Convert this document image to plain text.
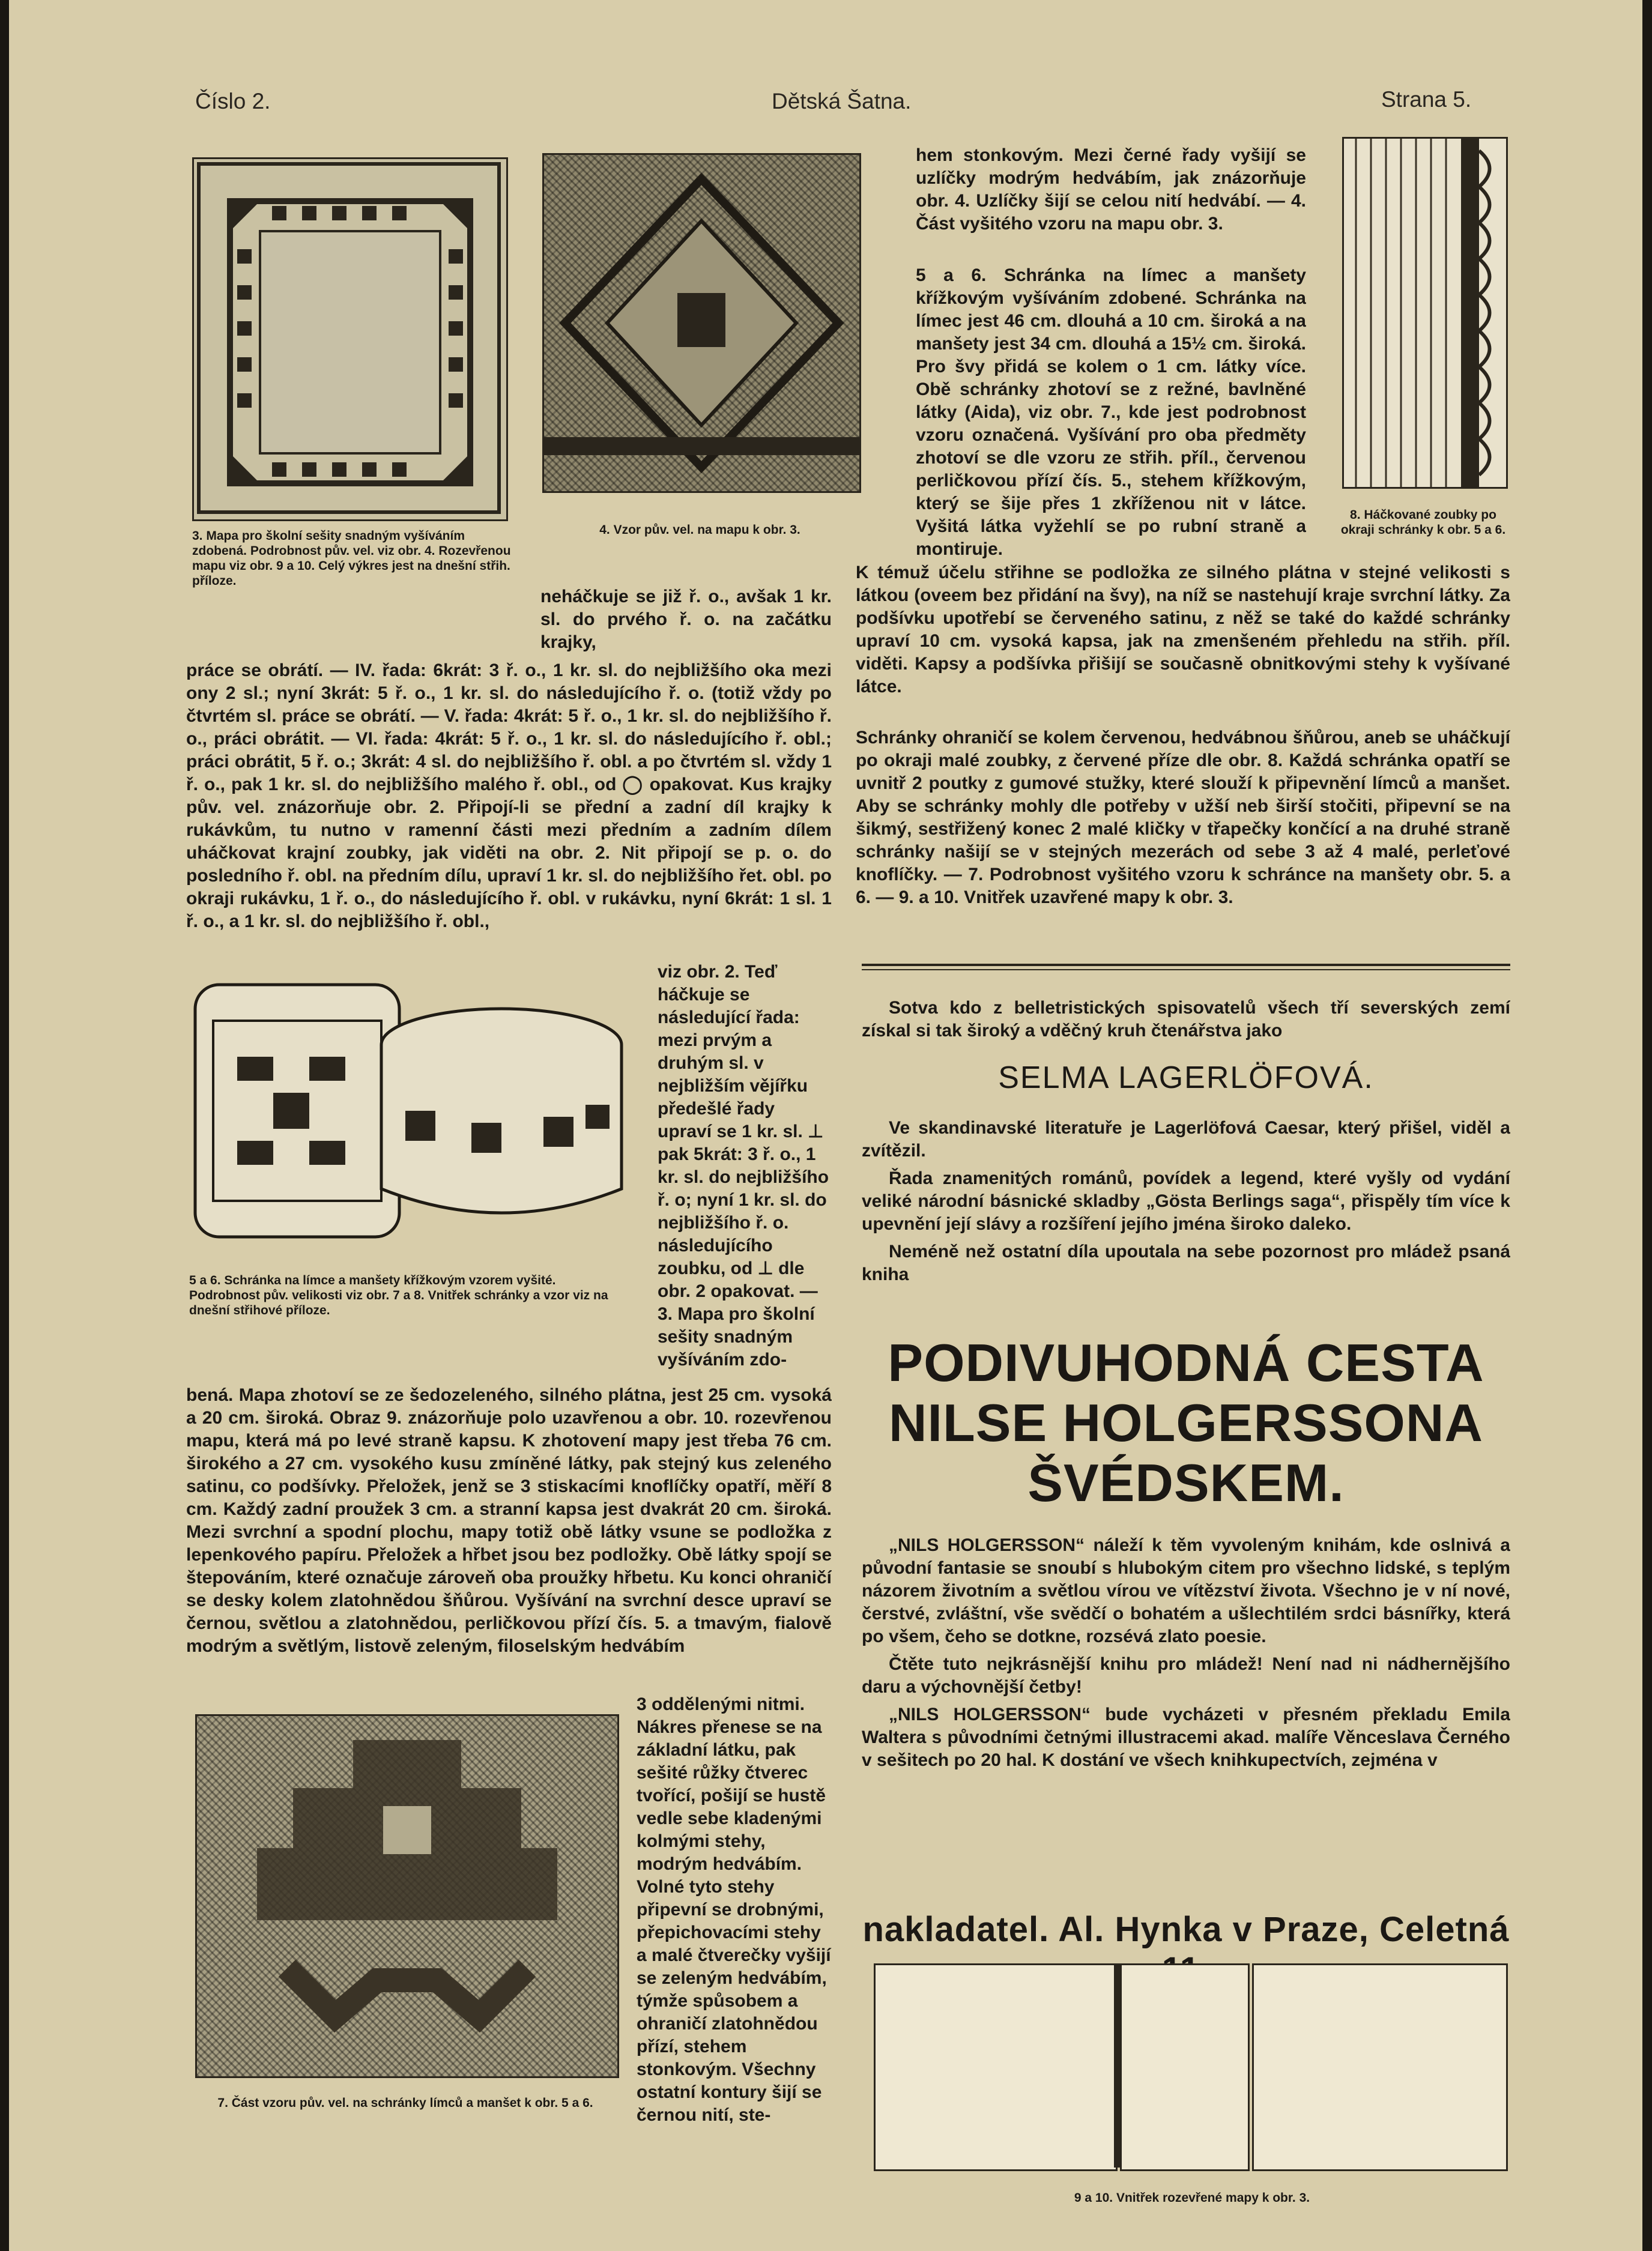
Číslo 2.	Dětská Šatna.	Strana 5.
3. Mapa pro školní sešity snadným vyšíváním zdobená. Podrobnost pův. vel. viz obr. 4. Rozevřenou mapu viz obr. 9 a 10. Celý výkres jest na dnešní střih. příloze.
4. Vzor pův. vel. na mapu k obr. 3.
neháčkuje se již ř. o., avšak 1 kr. sl. do prvého ř. o. na začátku krajky,
práce se obrátí. — IV. řada: 6krát: 3 ř. o., 1 kr. sl. do nejbližšího oka mezi ony 2 sl.; nyní 3krát: 5 ř. o., 1 kr. sl. do následujícího ř. o. (totiž vždy po čtvrtém sl. práce se obrátí. — V. řada: 4krát: 5 ř. o., 1 kr. sl. do nejbližšího ř. o., práci obrátit. — VI. řada: 4krát: 5 ř. o., 1 kr. sl. do následujícího ř. obl.; práci obrátit, 5 ř. o.; 3krát: 4 sl. do nejbližšího ř. obl. a po čtvrtém sl. vždy 1 ř. o., pak 1 kr. sl. do nejbližšího malého ř. obl., od ◯ opakovat. Kus krajky pův. vel. znázorňuje obr. 2. Připojí-li se přední a zadní díl krajky k rukávkům, tu nutno v ramenní části mezi předním a zadním dílem uháčkovat krajní zoubky, jak viděti na obr. 2. Nit připojí se p. o. do posledního ř. obl. na předním dílu, upraví 1 kr. sl. do nejbližšího řet. obl. po okraji rukávku, 1 ř. o., do následujícího ř. obl. v rukávku, nyní 6krát: 1 sl. 1 ř. o., a 1 kr. sl. do nejbližšího ř. obl.,
viz obr. 2. Teď háčkuje se následující řada: mezi prvým a druhým sl. v nejbližším vějířku předešlé řady upraví se 1 kr. sl. ⊥ pak 5krát: 3 ř. o., 1 kr. sl. do nejbližšího ř. o; nyní 1 kr. sl. do nejbližšího ř. o. následujícího zoubku, od ⊥ dle obr. 2 opakovat. — 3. Mapa pro školní sešity snadným vyšíváním zdo-
5 a 6. Schránka na límce a manšety křížkovým vzorem vyšité. Podrobnost pův. velikosti viz obr. 7 a 8. Vnitřek schránky a vzor viz na dnešní střihové příloze.
bená. Mapa zhotoví se ze šedozeleného, silného plátna, jest 25 cm. vysoká a 20 cm. široká. Obraz 9. znázorňuje polo uzavřenou a obr. 10. rozevřenou mapu, která má po levé straně kapsu. K zhotovení mapy jest třeba 76 cm. širokého a 27 cm. vysokého kusu zmíněné látky, pak stejný kus zeleného satinu, co podšívky. Přeložek, jenž se 3 stiskacími knoflíčky opatří, měří 8 cm. Každý zadní proužek 3 cm. a stranní kapsa jest dvakrát 20 cm. široká. Mezi svrchní a spodní plochu, mapy totiž obě látky vsune se podložka z lepenkového papíru. Přeložek a hřbet jsou bez podložky. Obě látky spojí se štepováním, které označuje zároveň oba proužky hřbetu. Ku konci ohraničí se desky kolem zlatohnědou šňůrou. Vyšívání na svrchní desce upraví se černou, světlou a zlatohnědou, perličkovou přízí čís. 5. a tmavým, fialově modrým a světlým, listově zeleným, filoselským hedvábím
3 oddělenými nitmi. Nákres přenese se na základní látku, pak sešité růžky čtverec tvořící, pošijí se hustě vedle sebe kladenými kolmými stehy, modrým hedvábím. Volné tyto stehy připevní se drobnými, přepichovacími stehy a malé čtverečky vyšijí se zeleným hedvábím, týmže spůsobem a ohraničí zlatohnědou přízí, stehem stonkovým. Všechny ostatní kontury šijí se černou nití, ste-
7. Část vzoru pův. vel. na schránky límců a manšet k obr. 5 a 6.
hem stonkovým. Mezi černé řady vyšijí se uzlíčky modrým hedvábím, jak znázorňuje obr. 4. Uzlíčky šijí se celou nití hedvábí. — 4. Část vyšitého vzoru na mapu obr. 3.
5 a 6. Schránka na límec a manšety křížkovým vyšíváním zdobené. Schránka na límec jest 46 cm. dlouhá a 10 cm. široká a na manšety jest 34 cm. dlouhá a 15½ cm. široká. Pro švy přidá se kolem o 1 cm. látky více. Obě schránky zhotoví se z režné, bavlněné látky (Aida), viz obr. 7., kde jest podrobnost vzoru označená. Vyšívání pro oba předměty zhotoví se dle vzoru ze střih. příl., červenou perličkovou přízí čís. 5., stehem křížkovým, který se šije přes 1 zkříženou nit v látce. Vyšitá látka vyžehlí se po rubní straně a montiruje.
8. Háčkované zoubky po okraji schránky k obr. 5 a 6.
K témuž účelu střihne se podložka ze silného plátna v stejné velikosti s látkou (oveem bez přidání na švy), na níž se nastehují kraje svrchní látky. Za podšívku upotřebí se červeného satinu, z něž se také do každé schránky upraví 10 cm. vysoká kapsa, jak na zmenšeném přehledu na střih. příl. viděti. Kapsy a podšívka přišijí se současně obnitkovými stehy k vyšívané látce.
Schránky ohraničí se kolem červenou, hedvábnou šňůrou, aneb se uháčkují po okraji malé zoubky, z červené příze dle obr. 8. Každá schránka opatří se uvnitř 2 poutky z gumové stužky, které slouží k připevnění límců a manšet. Aby se schránky mohly dle potřeby v užší neb širší stočiti, připevní se na šikmý, sestřižený konec 2 malé kličky v třapečky končící a na druhé straně schránky našijí se v stejných mezerách od sebe 3 až 4 malé, perleťové knoflíčky. — 7. Podrobnost vyšitého vzoru k schránce na manšety obr. 5. a 6. — 9. a 10. Vnitřek uzavřené mapy k obr. 3.

Sotva kdo z belletristických spisovatelů všech tří severských zemí získal si tak široký a vděčný kruh čtenářstva jako

SELMA LAGERLÖFOVÁ.

Ve skandinavské literatuře je Lagerlöfová Caesar, který přišel, viděl a zvítězil.

Řada znamenitých románů, povídek a legend, které vyšly od vydání veliké národní básnické skladby „Gösta Berlings saga“, přispěly tím více k upevnění její slávy a rozšíření jejího jména široko daleko.

Neméně než ostatní díla upoutala na sebe pozornost pro mládež psaná kniha

PODIVUHODNÁ CESTA
NILSE HOLGERSSONA
ŠVÉDSKEM.

„NILS HOLGERSSON“ náleží k těm vyvoleným knihám, kde oslnivá a původní fantasie se snoubí s hlubokým citem pro všechno lidské, s teplým názorem životním a světlou vírou ve vítězství života. Všechno je v ní nové, čerstvé, zvláštní, vše svědčí o bohatém a ušlechtilém srdci básnířky, která po všem, čeho se dotkne, rozsévá zlato poesie.

Čtěte tuto nejkrásnější knihu pro mládež! Není nad ni nádhernějšího daru a výchovnější četby!

„NILS HOLGERSSON“ bude vycházeti v přesném překladu Emila Waltera s původními četnými illustracemi akad. malíře Věnceslava Černého v sešitech po 20 hal. K dostání ve všech knihkupectvích, zejména v

nakladatel. Al. Hynka v Praze, Celetná
9 a 10. Vnitřek rozevřené mapy k obr. 3.
